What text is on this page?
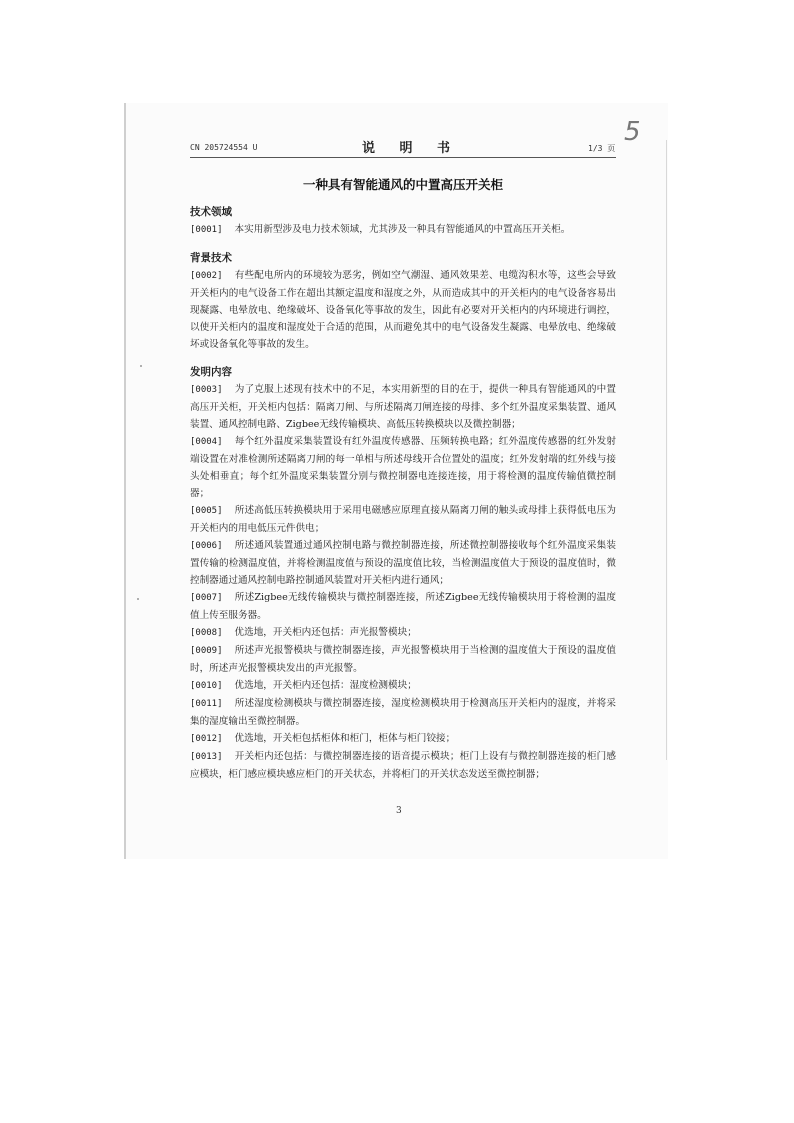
CN 205724554 U	说 明 书	1/3 页
5
一种具有智能通风的中置高压开关柜

技术领域

[0001] 本实用新型涉及电力技术领域，尤其涉及一种具有智能通风的中置高压开关柜。

背景技术

[0002] 有些配电所内的环境较为恶劣，例如空气潮湿、通风效果差、电缆沟积水等，这些会导致开关柜内的电气设备工作在超出其额定温度和湿度之外，从而造成其中的开关柜内的电气设备容易出现凝露、电晕放电、绝缘破坏、设备氧化等事故的发生，因此有必要对开关柜内的内环境进行调控，以使开关柜内的温度和湿度处于合适的范围，从而避免其中的电气设备发生凝露、电晕放电、绝缘破坏或设备氧化等事故的发生。

发明内容

[0003] 为了克服上述现有技术中的不足，本实用新型的目的在于，提供一种具有智能通风的中置高压开关柜，开关柜内包括：隔离刀闸、与所述隔离刀闸连接的母排、多个红外温度采集装置、通风装置、通风控制电路、Zigbee无线传输模块、高低压转换模块以及微控制器；

[0004] 每个红外温度采集装置设有红外温度传感器、压频转换电路；红外温度传感器的红外发射端设置在对准检测所述隔离刀闸的每一单相与所述母线开合位置处的温度；红外发射端的红外线与接头处相垂直；每个红外温度采集装置分别与微控制器电连接连接，用于将检测的温度传输值微控制器；

[0005] 所述高低压转换模块用于采用电磁感应原理直接从隔离刀闸的触头或母排上获得低电压为开关柜内的用电低压元件供电；

[0006] 所述通风装置通过通风控制电路与微控制器连接，所述微控制器接收每个红外温度采集装置传输的检测温度值，并将检测温度值与预设的温度值比较，当检测温度值大于预设的温度值时，微控制器通过通风控制电路控制通风装置对开关柜内进行通风；

[0007] 所述Zigbee无线传输模块与微控制器连接，所述Zigbee无线传输模块用于将检测的温度值上传至服务器。

[0008] 优选地，开关柜内还包括：声光报警模块；

[0009] 所述声光报警模块与微控制器连接，声光报警模块用于当检测的温度值大于预设的温度值时，所述声光报警模块发出的声光报警。

[0010] 优选地，开关柜内还包括：湿度检测模块；

[0011] 所述湿度检测模块与微控制器连接，湿度检测模块用于检测高压开关柜内的湿度，并将采集的湿度输出至微控制器。

[0012] 优选地，开关柜包括柜体和柜门，柜体与柜门铰接；

[0013] 开关柜内还包括：与微控制器连接的语音提示模块；柜门上设有与微控制器连接的柜门感应模块，柜门感应模块感应柜门的开关状态，并将柜门的开关状态发送至微控制器；

3
